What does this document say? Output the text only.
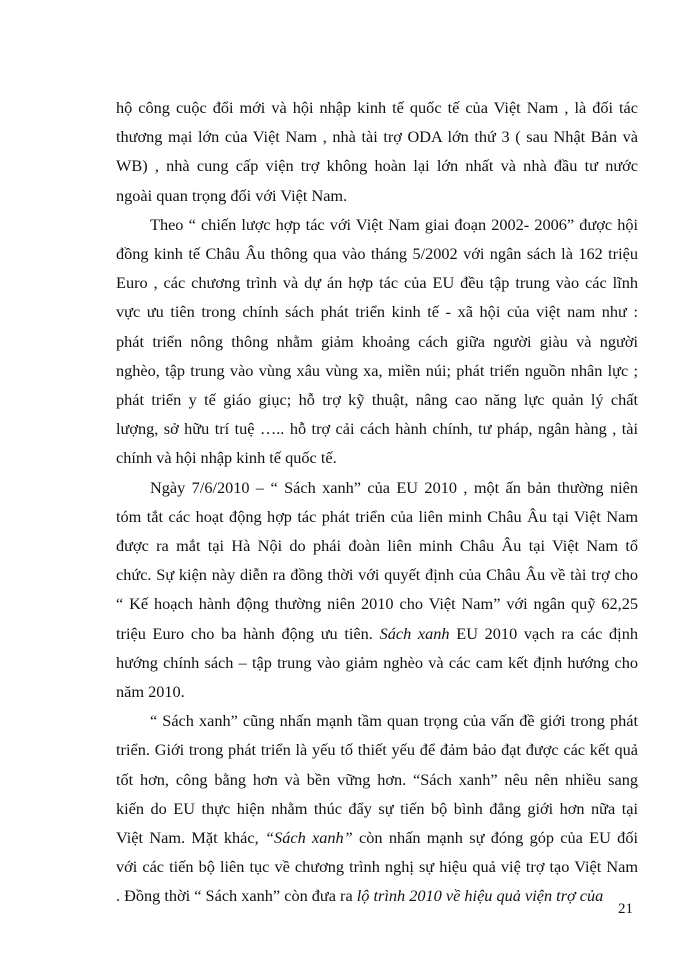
hộ công cuộc đổi mới và hội nhập kinh tế quốc tế của Việt Nam , là đối tác
thương mại lớn của Việt Nam , nhà tài trợ ODA lớn thứ 3 ( sau Nhật Bản và
WB) , nhà cung cấp viện trợ không hoàn lại lớn nhất và nhà đầu tư nước
ngoài quan trọng đối với Việt Nam.
Theo “ chiến lược hợp tác với Việt Nam giai đoạn 2002- 2006” được hội
đồng kinh tế Châu Âu thông qua vào tháng 5/2002 với ngân sách là 162 triệu
Euro , các chương trình và dự án hợp tác của EU đều tập trung vào các lĩnh
vực ưu tiên trong chính sách phát triển kinh tế - xã hội của việt nam như :
phát triển nông thông nhằm giảm khoảng cách giữa người giàu và người
nghèo, tập trung vào vùng xâu vùng xa, miền núi; phát triển nguồn nhân lực ;
phát triển y tế giáo giục; hỗ trợ kỹ thuật, nâng cao năng lực quản lý chất
lượng, sở hữu trí tuệ ….. hỗ trợ cải cách hành chính, tư pháp, ngân hàng , tài
chính và hội nhập kinh tế quốc tế.
Ngày 7/6/2010 – “ Sách xanh” của EU 2010 , một ấn bản thường niên
tóm tắt các hoạt động hợp tác phát triển của liên minh Châu Âu tại Việt Nam
được ra mắt tại Hà Nội do phái đoàn liên minh Châu Âu tại Việt Nam tổ
chức. Sự kiện này diễn ra đồng thời với quyết định của Châu Âu về tài trợ cho
“ Kế hoạch hành động thường niên 2010 cho Việt Nam” với ngân quỹ 62,25
triệu Euro cho ba hành động ưu tiên. Sách xanh EU 2010 vạch ra các định
hướng chính sách – tập trung vào giảm nghèo và các cam kết định hướng cho
năm 2010.
“ Sách xanh” cũng nhấn mạnh tầm quan trọng của vấn đề giới trong phát
triển. Giới trong phát triển là yếu tố thiết yếu để đảm bảo đạt được các kết quả
tốt hơn, công bằng hơn và bền vững hơn. “Sách xanh” nêu nên nhiều sang
kiến do EU thực hiện nhằm thúc đẩy sự tiến bộ bình đẳng giới hơn nữa tại
Việt Nam. Mặt khác, “Sách xanh” còn nhấn mạnh sự đóng góp của EU đối
với các tiến bộ liên tục về chương trình nghị sự hiệu quả việ trợ tạo Việt Nam
. Đồng thời “ Sách xanh” còn đưa ra lộ trình 2010 về hiệu quả viện trợ của
21
